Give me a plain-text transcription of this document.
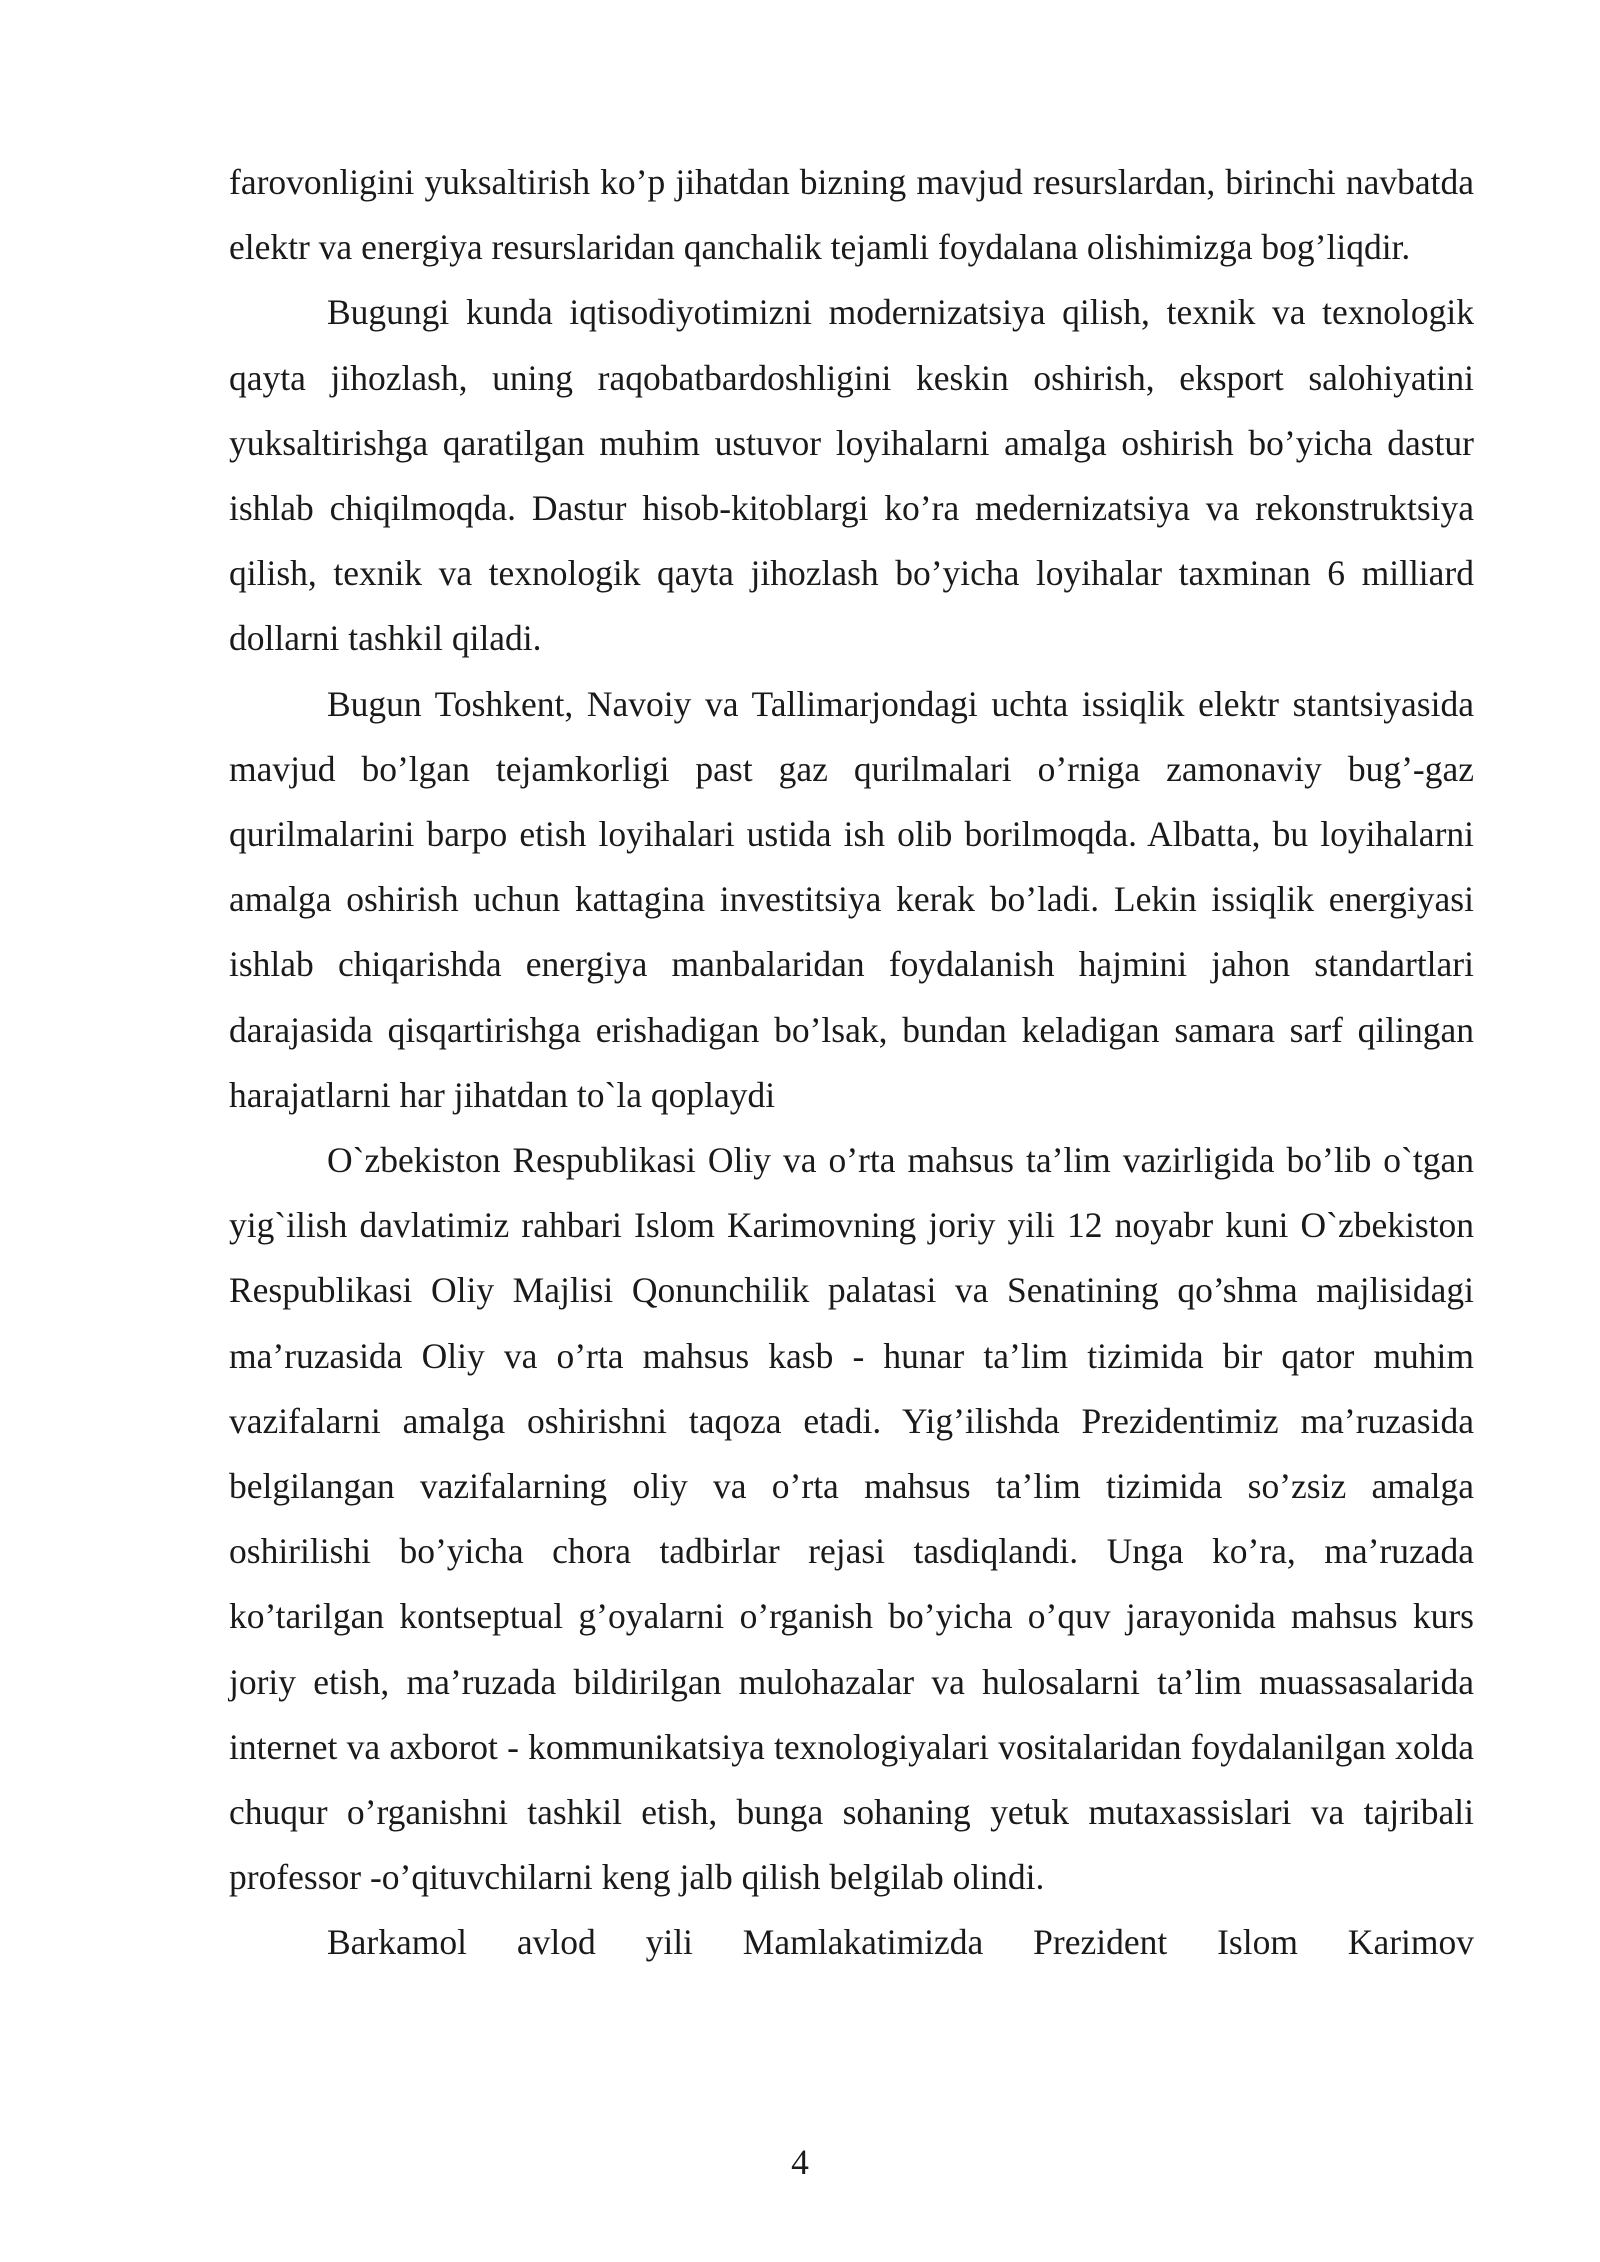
farovonligini yuksaltirish ko’p jihatdan bizning mavjud resurslardan, birinchi navbatda elektr va energiya resurslaridan qanchalik tejamli foydalana olishimizga bog’liqdir.

Bugungi kunda iqtisodiyotimizni modernizatsiya qilish, texnik va texnologik qayta jihozlash, uning raqobatbardoshligini keskin oshirish, eksport salohiyatini yuksaltirishga qaratilgan muhim ustuvor loyihalarni amalga oshirish bo’yicha dastur ishlab chiqilmoqda. Dastur hisob-kitoblargi ko’ra medernizatsiya va rekonstruktsiya qilish, texnik va texnologik qayta jihozlash bo’yicha loyihalar taxminan 6 milliard dollarni tashkil qiladi.

Bugun Toshkent, Navoiy va Tallimarjondagi uchta issiqlik elektr stantsiyasida mavjud bo’lgan tejamkorligi past gaz qurilmalari o’rniga zamonaviy bug’-gaz qurilmalarini barpo etish loyihalari ustida ish olib borilmoqda. Albatta, bu loyihalarni amalga oshirish uchun kattagina investitsiya kerak bo’ladi. Lekin issiqlik energiyasi ishlab chiqarishda energiya manbalaridan foydalanish hajmini jahon standartlari darajasida qisqartirishga erishadigan bo’lsak, bundan keladigan samara sarf qilingan harajatlarni har jihatdan to`la qoplaydi

O`zbekiston Respublikasi Oliy va o’rta mahsus ta’lim vazirligida bo’lib o`tgan yig`ilish davlatimiz rahbari Islom Karimovning joriy yili 12 noyabr kuni O`zbekiston Respublikasi Oliy Majlisi Qonunchilik palatasi va Senatining qo’shma majlisidagi ma’ruzasida Oliy va o’rta mahsus kasb - hunar ta’lim tizimida bir qator muhim vazifalarni amalga oshirishni taqoza etadi. Yig’ilishda Prezidentimiz ma’ruzasida belgilangan vazifalarning oliy va o’rta mahsus ta’lim tizimida so’zsiz amalga oshirilishi bo’yicha chora tadbirlar rejasi tasdiqlandi. Unga ko’ra, ma’ruzada ko’tarilgan kontseptual g’oyalarni o’rganish bo’yicha o’quv jarayonida mahsus kurs joriy etish, ma’ruzada bildirilgan mulohazalar va hulosalarni ta’lim muassasalarida internet va axborot - kommunikatsiya texnologiyalari vositalaridan foydalanilgan xolda chuqur o’rganishni tashkil etish, bunga sohaning yetuk mutaxassislari va tajribali professor -o’qituvchilarni keng jalb qilish belgilab olindi.

Barkamol avlod yili Mamlakatimizda Prezident Islom Karimov

4
